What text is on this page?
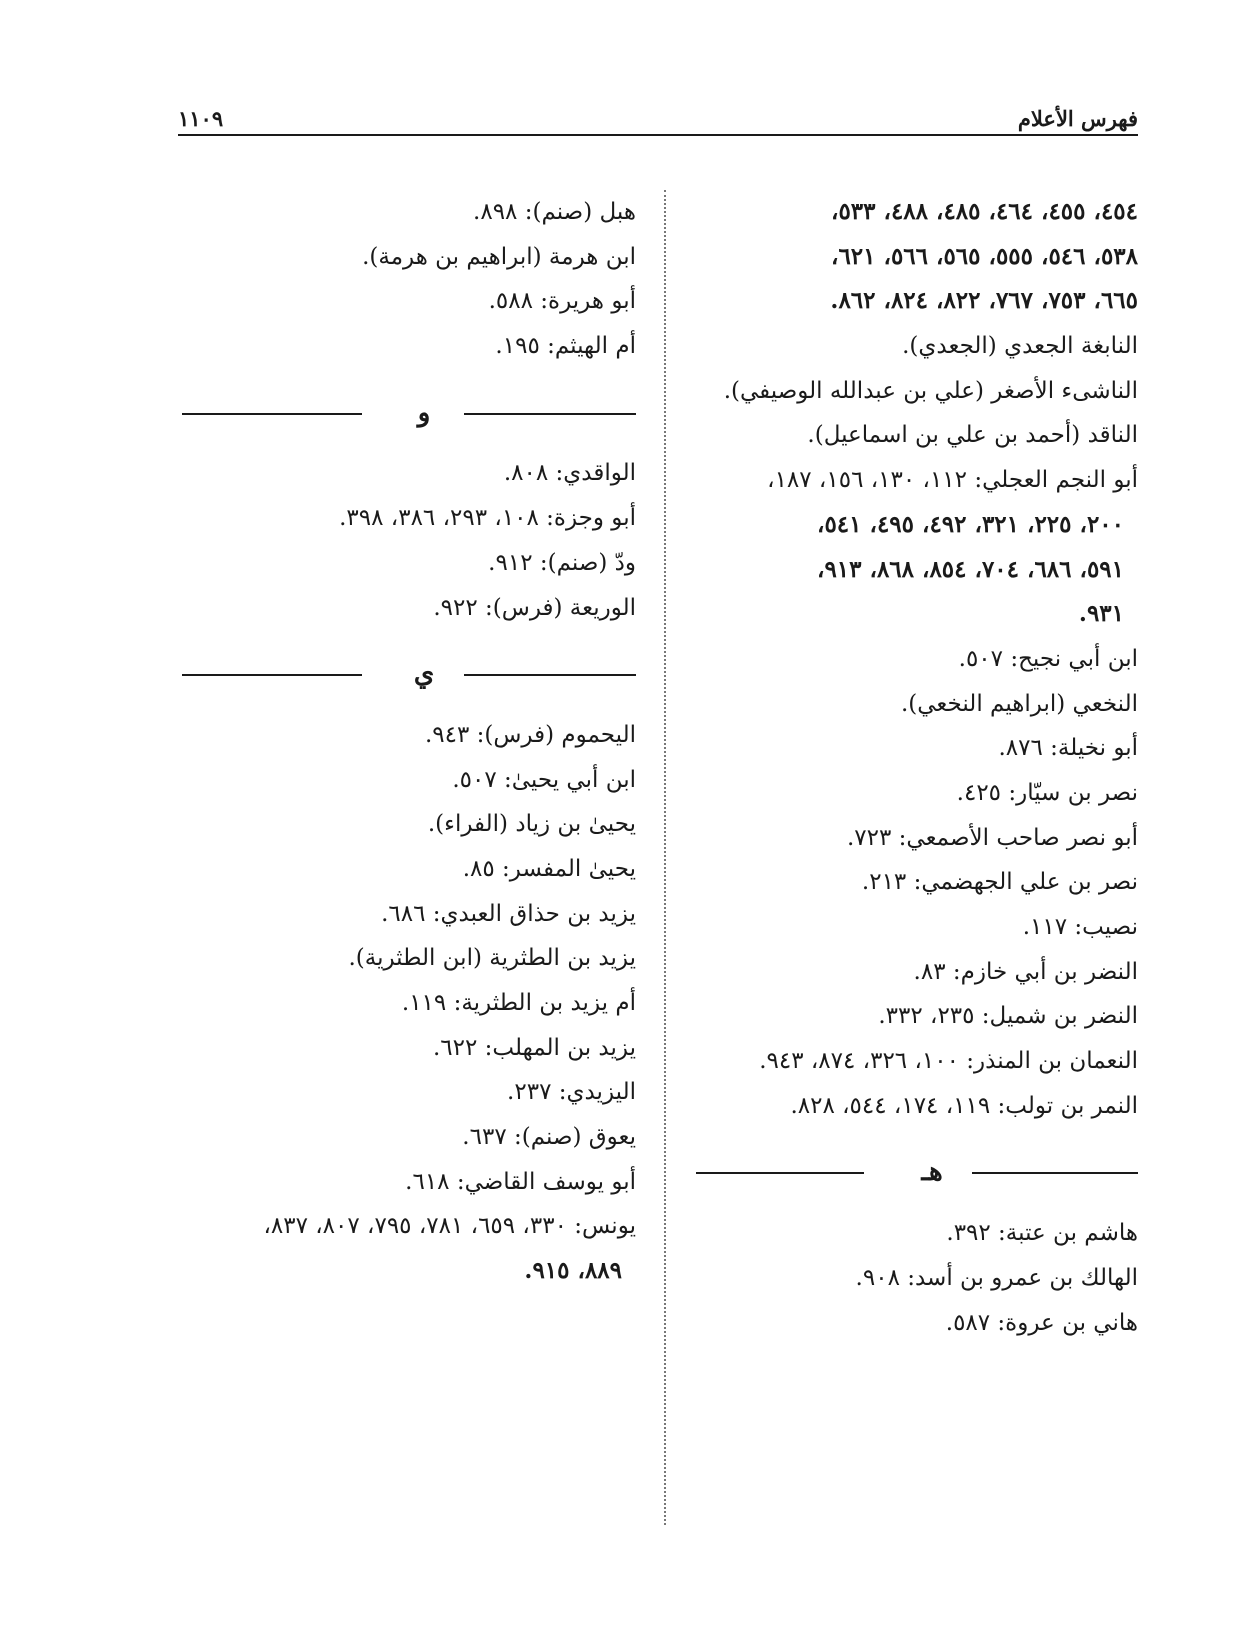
فهرس الأعلام
١١٠٩
٤٥٤، ٤٥٥، ٤٦٤، ٤٨٥، ٤٨٨، ٥٣٣،
٥٣٨، ٥٤٦، ٥٥٥، ٥٦٥، ٥٦٦، ٦٢١،
٦٦٥، ٧٥٣، ٧٦٧، ٨٢٢، ٨٢٤، ٨٦٢.
النابغة الجعدي (الجعدي).
الناشىء الأصغر (علي بن عبدالله الوصيفي).
الناقد (أحمد بن علي بن اسماعيل).
أبو النجم العجلي: ١١٢، ١٣٠، ١٥٦، ١٨٧،
٢٠٠، ٢٢٥، ٣٢١، ٤٩٢، ٤٩٥، ٥٤١،
٥٩١، ٦٨٦، ٧٠٤، ٨٥٤، ٨٦٨، ٩١٣،
٩٣١.
ابن أبي نجيح: ٥٠٧.
النخعي (ابراهيم النخعي).
أبو نخيلة: ٨٧٦.
نصر بن سيّار: ٤٢٥.
أبو نصر صاحب الأصمعي: ٧٢٣.
نصر بن علي الجهضمي: ٢١٣.
نصيب: ١١٧.
النضر بن أبي خازم: ٨٣.
النضر بن شميل: ٢٣٥، ٣٣٢.
النعمان بن المنذر: ١٠٠، ٣٢٦، ٨٧٤، ٩٤٣.
النمر بن تولب: ١١٩، ١٧٤، ٥٤٤، ٨٢٨.
هـ
هاشم بن عتبة: ٣٩٢.
الهالك بن عمرو بن أسد: ٩٠٨.
هاني بن عروة: ٥٨٧.
هبل (صنم): ٨٩٨.
ابن هرمة (ابراهيم بن هرمة).
أبو هريرة: ٥٨٨.
أم الهيثم: ١٩٥.
و
الواقدي: ٨٠٨.
أبو وجزة: ١٠٨، ٢٩٣، ٣٨٦، ٣٩٨.
ودّ (صنم): ٩١٢.
الوريعة (فرس): ٩٢٢.
ي
اليحموم (فرس): ٩٤٣.
ابن أبي يحيىٰ: ٥٠٧.
يحيىٰ بن زياد (الفراء).
يحيىٰ المفسر: ٨٥.
يزيد بن حذاق العبدي: ٦٨٦.
يزيد بن الطثرية (ابن الطثرية).
أم يزيد بن الطثرية: ١١٩.
يزيد بن المهلب: ٦٢٢.
اليزيدي: ٢٣٧.
يعوق (صنم): ٦٣٧.
أبو يوسف القاضي: ٦١٨.
يونس: ٣٣٠، ٦٥٩، ٧٨١، ٧٩٥، ٨٠٧، ٨٣٧،
٨٨٩، ٩١٥.
